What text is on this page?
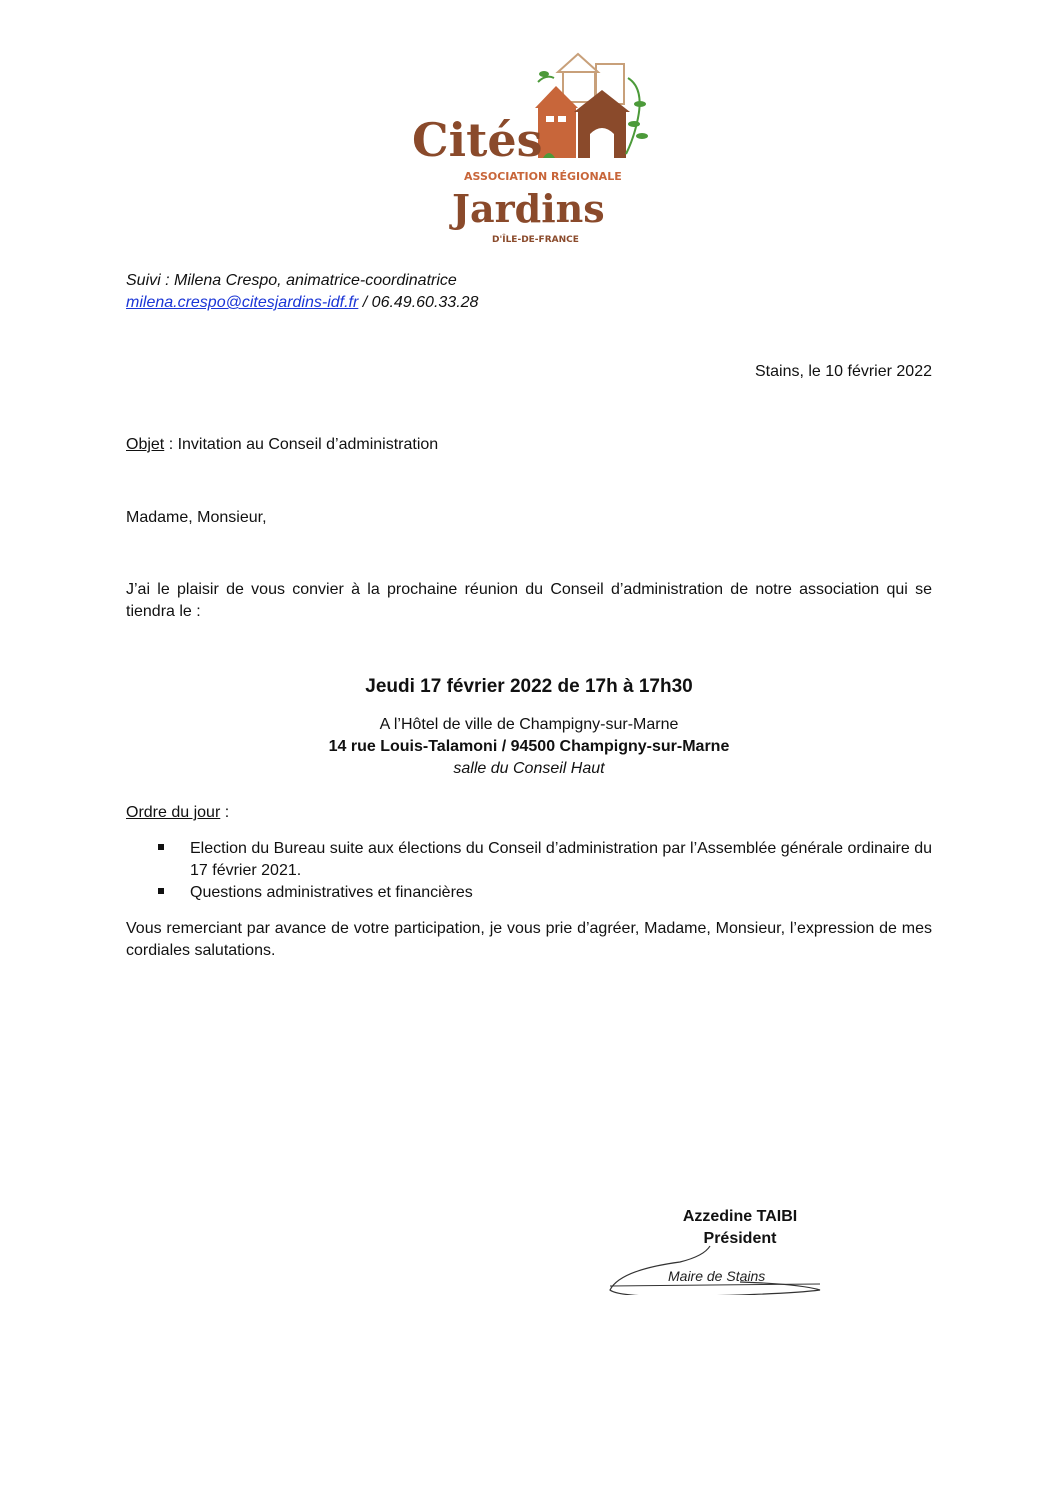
Cités
ASSOCIATION RÉGIONALE
Jardins
D'ÎLE-DE-FRANCE
Suivi : Milena Crespo, animatrice-coordinatrice
milena.crespo@citesjardins-idf.fr / 06.49.60.33.28
Stains, le 10 février 2022
Objet : Invitation au Conseil d’administration
Madame, Monsieur,
J’ai le plaisir de vous convier à la prochaine réunion du Conseil d’administration de notre association qui se tiendra le :
Jeudi 17 février 2022 de 17h à 17h30
A l’Hôtel de ville de Champigny-sur-Marne
14 rue Louis-Talamoni / 94500 Champigny-sur-Marne
salle du Conseil Haut
Ordre du jour :
Election du Bureau suite aux élections du Conseil d’administration par l’Assemblée générale ordinaire du 17 février 2021.
Questions administratives et financières
Vous remerciant par avance de votre participation, je vous prie d’agréer, Madame, Monsieur, l’expression de mes cordiales salutations.
Azzedine TAIBI
Président
Maire de Stains
